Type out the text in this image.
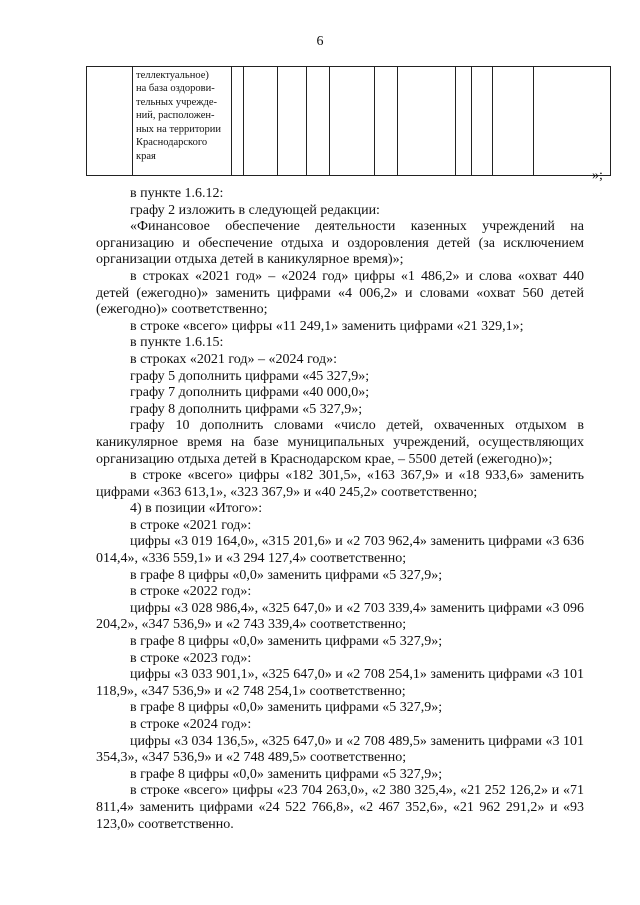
6

теллектуальное)
на база оздорови-
тельных учрежде-
ний, расположен-
ных на территории
Краснодарского
края

»;

в пункте 1.6.12:

графу 2 изложить в следующей редакции:

«Финансовое обеспечение деятельности казенных учреждений на организацию и обеспечение отдыха и оздоровления детей (за исключением организации отдыха детей в каникулярное время)»;

в строках «2021 год» – «2024 год» цифры «1 486,2» и слова «охват 440 детей (ежегодно)» заменить цифрами «4 006,2» и словами «охват 560 детей (ежегодно)» соответственно;

в строке «всего» цифры «11 249,1» заменить цифрами «21 329,1»;

в пункте 1.6.15:

в строках «2021 год» – «2024 год»:

графу 5 дополнить цифрами «45 327,9»;

графу 7 дополнить цифрами «40 000,0»;

графу 8 дополнить цифрами «5 327,9»;

графу 10 дополнить словами «число детей, охваченных отдыхом в каникулярное время на базе муниципальных учреждений, осуществляющих организацию отдыха детей в Краснодарском крае, – 5500 детей (ежегодно)»;

в строке «всего» цифры «182 301,5», «163 367,9» и «18 933,6» заменить цифрами «363 613,1», «323 367,9» и «40 245,2» соответственно;

4) в позиции «Итого»:

в строке «2021 год»:

цифры «3 019 164,0», «315 201,6» и «2 703 962,4» заменить цифрами «3 636 014,4», «336 559,1» и «3 294 127,4» соответственно;

в графе 8 цифры «0,0» заменить цифрами «5 327,9»;

в строке «2022 год»:

цифры «3 028 986,4», «325 647,0» и «2 703 339,4» заменить цифрами «3 096 204,2», «347 536,9» и «2 743 339,4» соответственно;

в графе 8 цифры «0,0» заменить цифрами «5 327,9»;

в строке «2023 год»:

цифры «3 033 901,1», «325 647,0» и «2 708 254,1» заменить цифрами «3 101 118,9», «347 536,9» и «2 748 254,1» соответственно;

в графе 8 цифры «0,0» заменить цифрами «5 327,9»;

в строке «2024 год»:

цифры «3 034 136,5», «325 647,0» и «2 708 489,5» заменить цифрами «3 101 354,3», «347 536,9» и «2 748 489,5» соответственно;

в графе 8 цифры «0,0» заменить цифрами «5 327,9»;

в строке «всего» цифры «23 704 263,0», «2 380 325,4», «21 252 126,2» и «71 811,4» заменить цифрами «24 522 766,8», «2 467 352,6», «21 962 291,2» и «93 123,0» соответственно.
